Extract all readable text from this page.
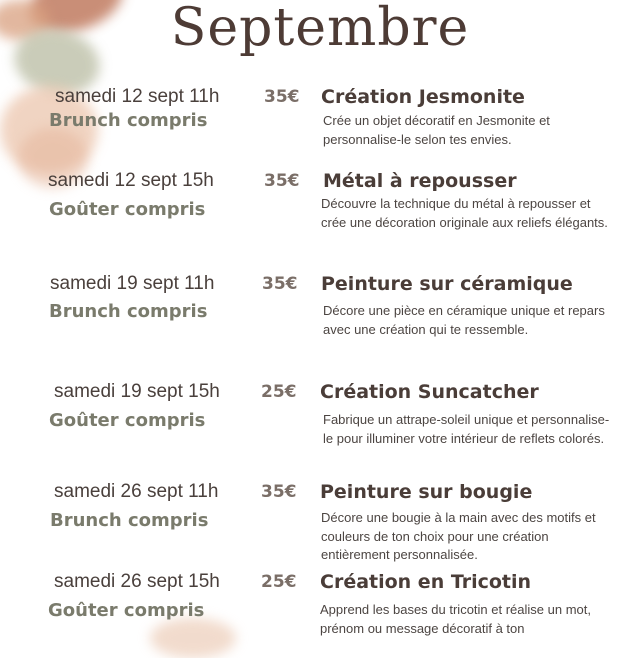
Septembre
samedi 12 sept 11h
Brunch compris
35€ Création Jesmonite
Crée un objet décoratif en Jesmonite et personnalise-le selon tes envies.
samedi 12 sept 15h
Goûter compris
35€ Métal à repousser
Découvre la technique du métal à repousser et crée une décoration originale aux reliefs élégants.
samedi 19 sept 11h
Brunch compris
35€ Peinture sur céramique
Décore une pièce en céramique unique et repars avec une création qui te ressemble.
samedi 19 sept 15h
Goûter compris
25€ Création Suncatcher
Fabrique un attrape-soleil unique et personnalise-le pour illuminer votre intérieur de reflets colorés.
samedi 26 sept 11h
Brunch compris
35€ Peinture sur bougie
Décore une bougie à la main avec des motifs et couleurs de ton choix pour une création entièrement personnalisée.
samedi 26 sept 15h
Goûter compris
25€ Création en Tricotin
Apprend les bases du tricotin et réalise un mot, prénom ou message décoratif à ton
